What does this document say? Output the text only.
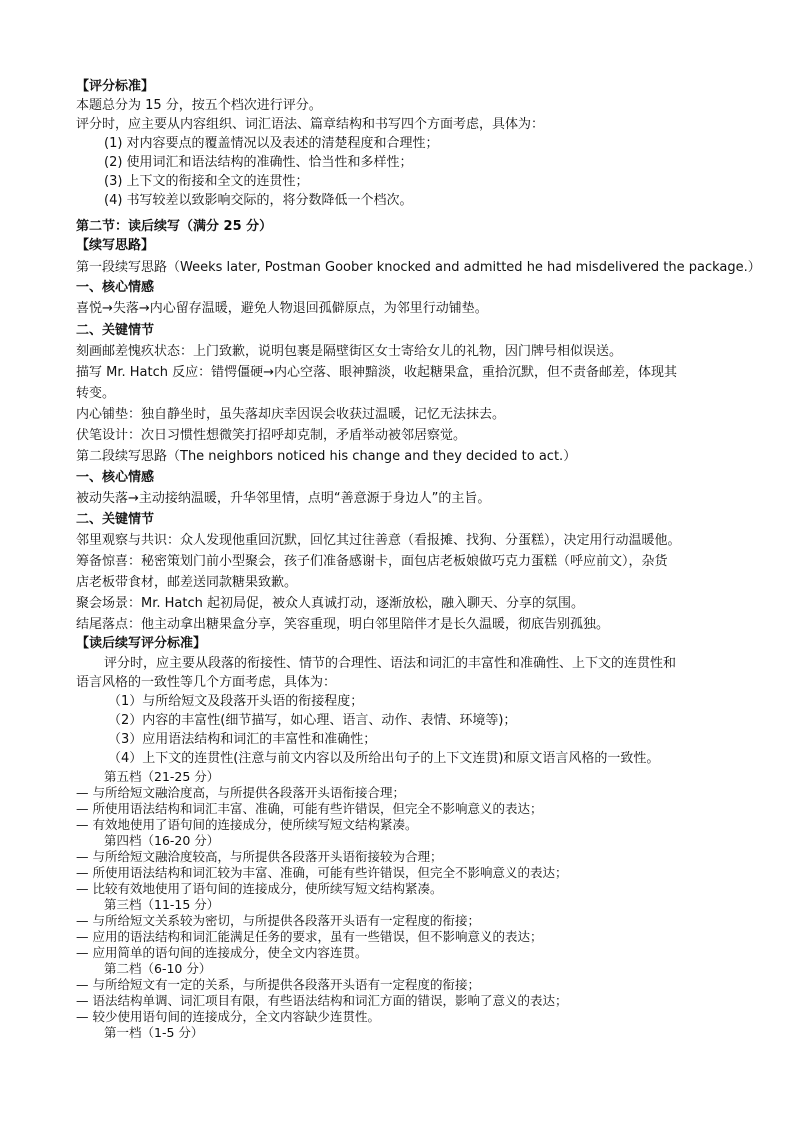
【评分标准】
本题总分为 15 分，按五个档次进行评分。
评分时，应主要从内容组织、词汇语法、篇章结构和书写四个方面考虑，具体为：
(1) 对内容要点的覆盖情况以及表述的清楚程度和合理性；
(2) 使用词汇和语法结构的准确性、恰当性和多样性；
(3) 上下文的衔接和全文的连贯性；
(4) 书写较差以致影响交际的，将分数降低一个档次。
第二节：读后续写（满分 25 分）
【续写思路】
第一段续写思路（Weeks later, Postman Goober knocked and admitted he had misdelivered the package.）
一、核心情感
喜悦→失落→内心留存温暖，避免人物退回孤僻原点，为邻里行动铺垫。
二、关键情节
刻画邮差愧疚状态：上门致歉，说明包裹是隔壁街区女士寄给女儿的礼物，因门牌号相似误送。
描写 Mr. Hatch 反应：错愕僵硬→内心空落、眼神黯淡，收起糖果盒，重拾沉默，但不责备邮差，体现其
转变。
内心铺垫：独自静坐时，虽失落却庆幸因误会收获过温暖，记忆无法抹去。
伏笔设计：次日习惯性想微笑打招呼却克制，矛盾举动被邻居察觉。
第二段续写思路（The neighbors noticed his change and they decided to act.）
一、核心情感
被动失落→主动接纳温暖，升华邻里情，点明“善意源于身边人”的主旨。
二、关键情节
邻里观察与共识：众人发现他重回沉默，回忆其过往善意（看报摊、找狗、分蛋糕），决定用行动温暖他。
筹备惊喜：秘密策划门前小型聚会，孩子们准备感谢卡，面包店老板娘做巧克力蛋糕（呼应前文），杂货
店老板带食材，邮差送同款糖果致歉。
聚会场景：Mr. Hatch 起初局促，被众人真诚打动，逐渐放松，融入聊天、分享的氛围。
结尾落点：他主动拿出糖果盒分享，笑容重现，明白邻里陪伴才是长久温暖，彻底告别孤独。
【读后续写评分标准】
评分时，应主要从段落的衔接性、情节的合理性、语法和词汇的丰富性和准确性、上下文的连贯性和
语言风格的一致性等几个方面考虑，具体为：
（1）与所给短文及段落开头语的衔接程度；
（2）内容的丰富性(细节描写，如心理、语言、动作、表情、环境等)；
（3）应用语法结构和词汇的丰富性和准确性；
（4）上下文的连贯性(注意与前文内容以及所给出句子的上下文连贯)和原文语言风格的一致性。
第五档（21-25 分）
— 与所给短文融洽度高，与所提供各段落开头语衔接合理；
— 所使用语法结构和词汇丰富、准确，可能有些许错误，但完全不影响意义的表达；
— 有效地使用了语句间的连接成分，使所续写短文结构紧凑。
第四档（16-20 分）
— 与所给短文融洽度较高，与所提供各段落开头语衔接较为合理；
— 所使用语法结构和词汇较为丰富、准确，可能有些许错误，但完全不影响意义的表达；
— 比较有效地使用了语句间的连接成分，使所续写短文结构紧凑。
第三档（11-15 分）
— 与所给短文关系较为密切，与所提供各段落开头语有一定程度的衔接；
— 应用的语法结构和词汇能满足任务的要求，虽有一些错误，但不影响意义的表达；
— 应用简单的语句间的连接成分，使全文内容连贯。
第二档（6-10 分）
— 与所给短文有一定的关系，与所提供各段落开头语有一定程度的衔接；
— 语法结构单调、词汇项目有限，有些语法结构和词汇方面的错误，影响了意义的表达；
— 较少使用语句间的连接成分，全文内容缺少连贯性。
第一档（1-5 分）
